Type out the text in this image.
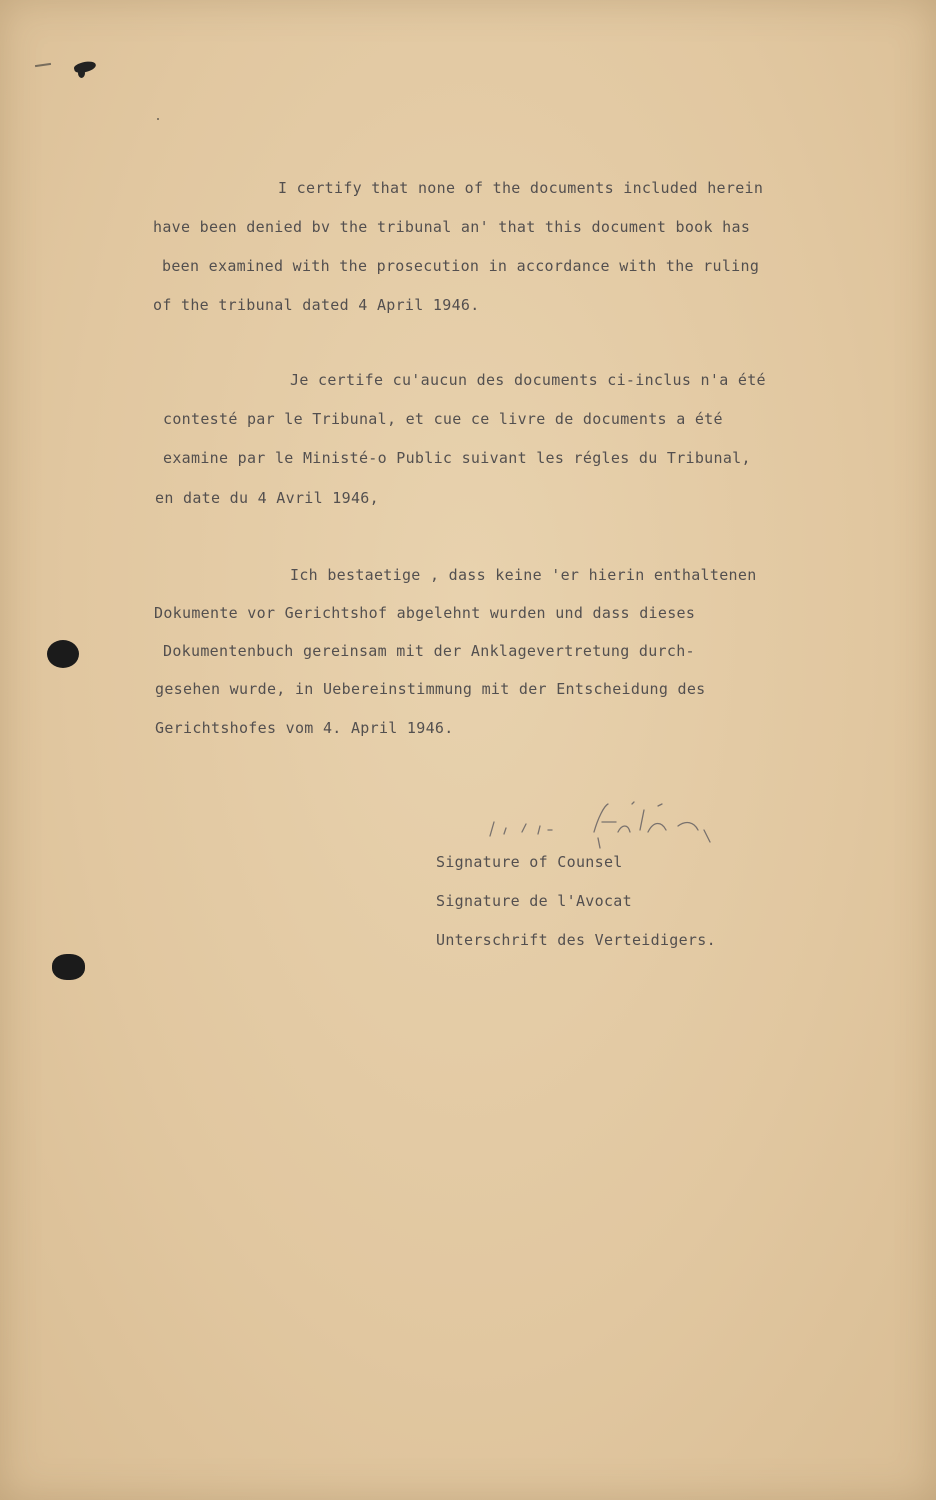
I certify that none of the documents included herein
have been denied bv the tribunal an' that this document book has
been examined with the prosecution in accordance with the ruling
of the tribunal dated 4 April 1946.
Je certife cu'aucun des documents ci-inclus n'a été
contesté par le Tribunal, et cue ce livre de documents a été
examine par le Ministé-o Public suivant les régles du Tribunal,
en date du 4 Avril 1946,
Ich bestaetige , dass keine 'er hierin enthaltenen
Dokumente vor Gerichtshof abgelehnt wurden und dass dieses
Dokumentenbuch gereinsam mit der Anklagevertretung durch-
gesehen wurde, in Uebereinstimmung mit der Entscheidung des
Gerichtshofes vom 4. April 1946.
Signature of Counsel
Signature de l'Avocat
Unterschrift des Verteidigers.
